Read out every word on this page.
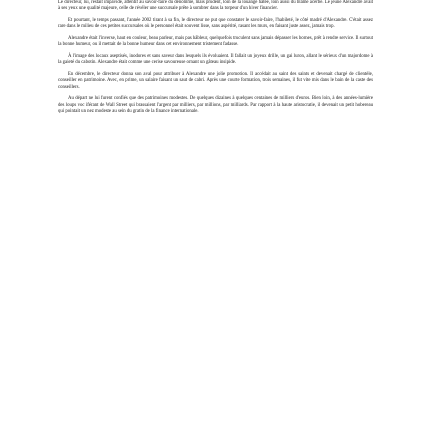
Le directeur, lui, restait impavide, attentif au savoir-faire du dénommé, mais prudent, loin de la louange hâtée, loin aussi du blâme acerbe. Le jeune Alexandre avait à ses yeux une qualité majeure, celle de révéler une succursale prête à sombrer dans la torpeur d'un hiver financier.

Et pourtant, le temps passant, l'année 2002 tirant à sa fin, le directeur ne put que constater le savoir-faire, l'habileté, le côté madré d'Alexandre. C'était assez rare dans le milieu de ces petites succursales où le personnel était souvent lisse, sans aspérité, rasant les murs, en faisant juste assez, jamais trop.

Alexandre était l'inverse, haut en couleur, beau parleur, mais pas hâbleur, quelquefois truculent sans jamais dépasser les bornes, prêt à rendre service. Il surtout la bonne humeur, ou il mettait de la bonne humeur dans cet environnement tristement fadasse.

À l'image des locaux aseptisés, inodores et sans saveur dans lesquels ils évoluaient. Il fallait un joyeux drille, un gai luron, allant le sérieux d'un majordome à la gaieté du cabotin. Alexandre était comme une cerise savoureuse ornant un gâteau insipide.

En décembre, le directeur donna son aval pour attribuer à Alexandre une jolie promotion. Il accédait au saint des saints et devenait chargé de clientèle, conseiller en patrimoine. Avec, en prime, un salaire faisant un saut de cabri. Après une courte formation, trois semaines, il fut vite mis dans le bain de la caste des conseillers.

Au départ ne lui furent confiés que des patrimoines modestes. De quelques dizaines à quelques centaines de milliers d'euros. Bien loin, à des années-lumière des loups voc iférant de Wall Street qui brassaient l'argent par milliers, par millions, par milliards. Par rapport à la haute aristocratie, il devenait un petit hobereau qui pointait un nez modeste au sein du gratin de la finance internationale.
